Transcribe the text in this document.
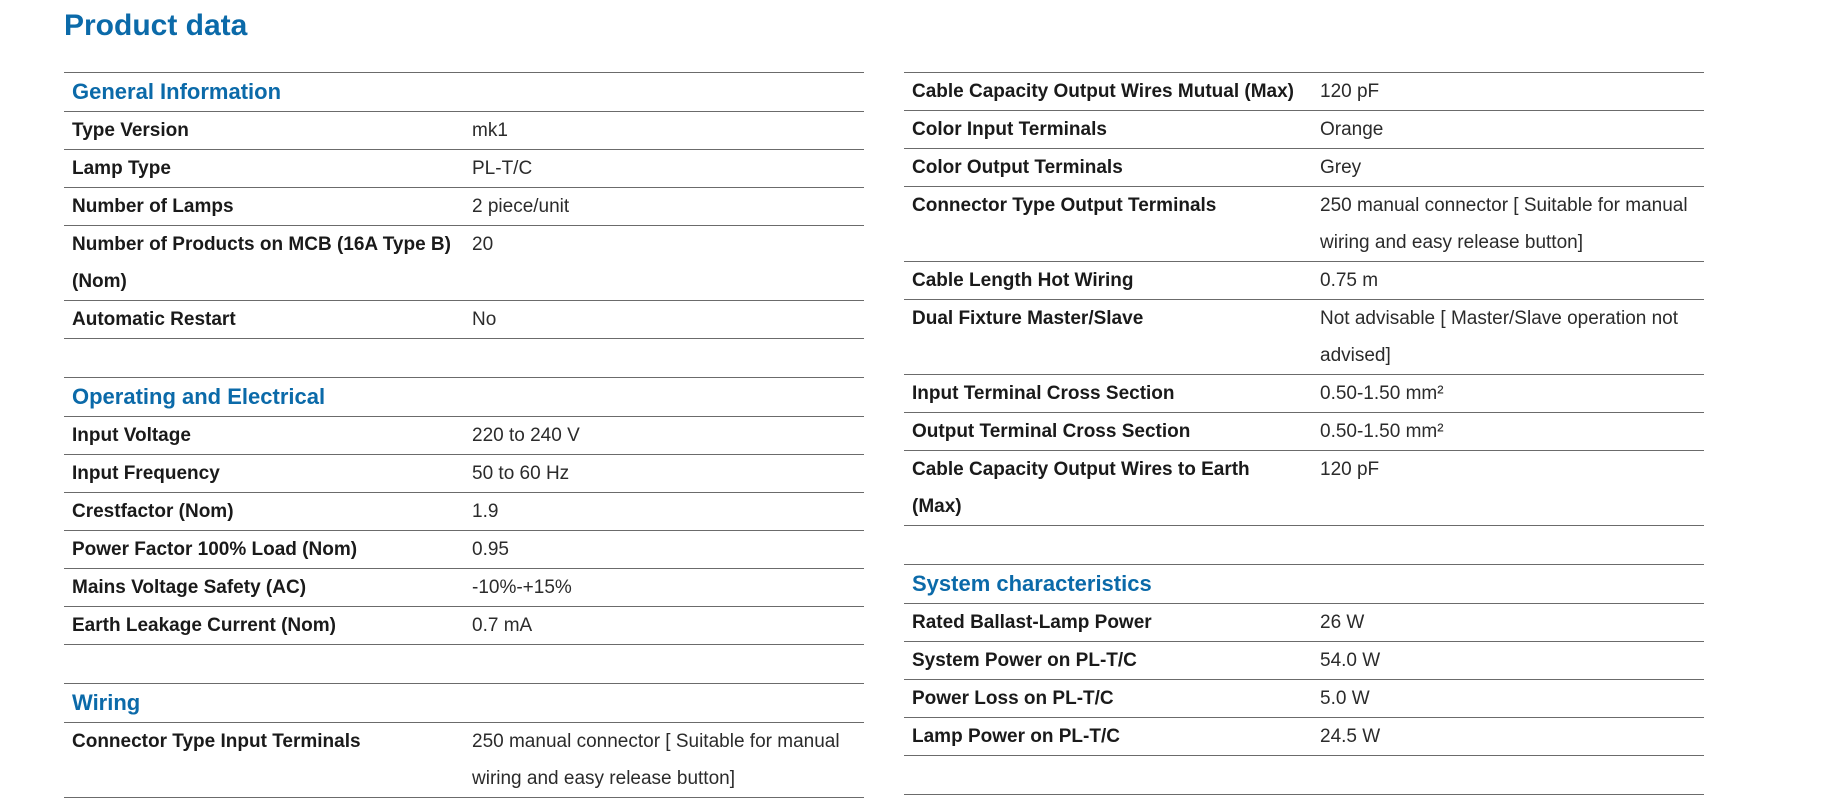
Product data
General Information	
Type Version	mk1
Lamp Type	PL-T/C
Number of Lamps	2 piece/unit
Number of Products on MCB (16A Type B) (Nom)	20
Automatic Restart	No

Operating and Electrical	
Input Voltage	220 to 240 V
Input Frequency	50 to 60 Hz
Crestfactor (Nom)	1.9
Power Factor 100% Load (Nom)	0.95
Mains Voltage Safety (AC)	-10%-+15%
Earth Leakage Current (Nom)	0.7 mA

Wiring	
Connector Type Input Terminals	250 manual connector [ Suitable for manual wiring and easy release button]
Cable Capacity Output Wires Mutual (Max)	120 pF
Color Input Terminals	Orange
Color Output Terminals	Grey
Connector Type Output Terminals	250 manual connector [ Suitable for manual wiring and easy release button]
Cable Length Hot Wiring	0.75 m
Dual Fixture Master/Slave	Not advisable [ Master/Slave operation not advised]
Input Terminal Cross Section	0.50-1.50 mm²
Output Terminal Cross Section	0.50-1.50 mm²
Cable Capacity Output Wires to Earth (Max)	120 pF

System characteristics	
Rated Ballast-Lamp Power	26 W
System Power on PL-T/C	54.0 W
Power Loss on PL-T/C	5.0 W
Lamp Power on PL-T/C	24.5 W
